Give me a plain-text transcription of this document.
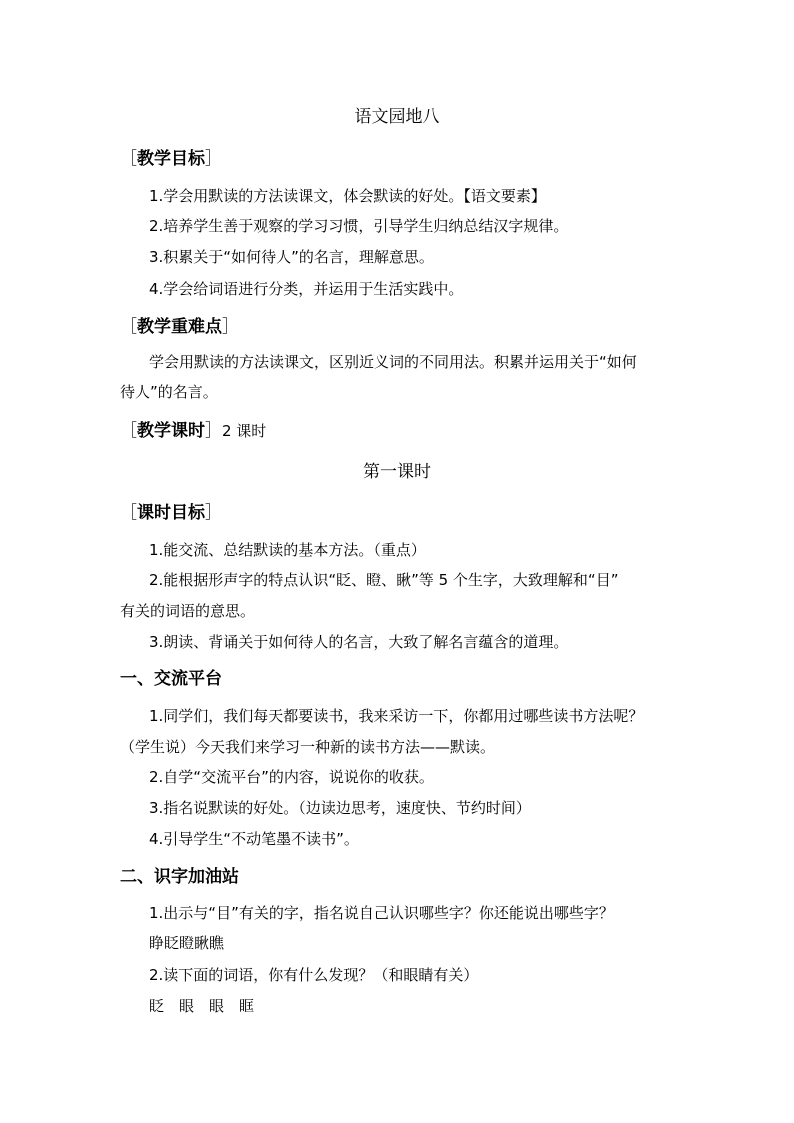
语文园地八
［教学目标］
1.学会用默读的方法读课文，体会默读的好处。【语文要素】
2.培养学生善于观察的学习习惯，引导学生归纳总结汉字规律。
3.积累关于“如何待人”的名言，理解意思。
4.学会给词语进行分类，并运用于生活实践中。
［教学重难点］
学会用默读的方法读课文，区别近义词的不同用法。积累并运用关于“如何
待人”的名言。
［教学课时］2 课时
第一课时
［课时目标］
1.能交流、总结默读的基本方法。（重点）
2.能根据形声字的特点认识“眨、瞪、瞅”等 5 个生字，大致理解和“目”
有关的词语的意思。
3.朗读、背诵关于如何待人的名言，大致了解名言蕴含的道理。
一、交流平台
1.同学们，我们每天都要读书，我来采访一下，你都用过哪些读书方法呢？
（学生说）今天我们来学习一种新的读书方法——默读。
2.自学“交流平台”的内容，说说你的收获。
3.指名说默读的好处。（边读边思考，速度快、节约时间）
4.引导学生“不动笔墨不读书”。
二、识字加油站
1.出示与“目”有关的字，指名说自己认识哪些字？你还能说出哪些字？
睁眨瞪瞅瞧
2.读下面的词语，你有什么发现？（和眼睛有关）
眨　眼　眼　眶
